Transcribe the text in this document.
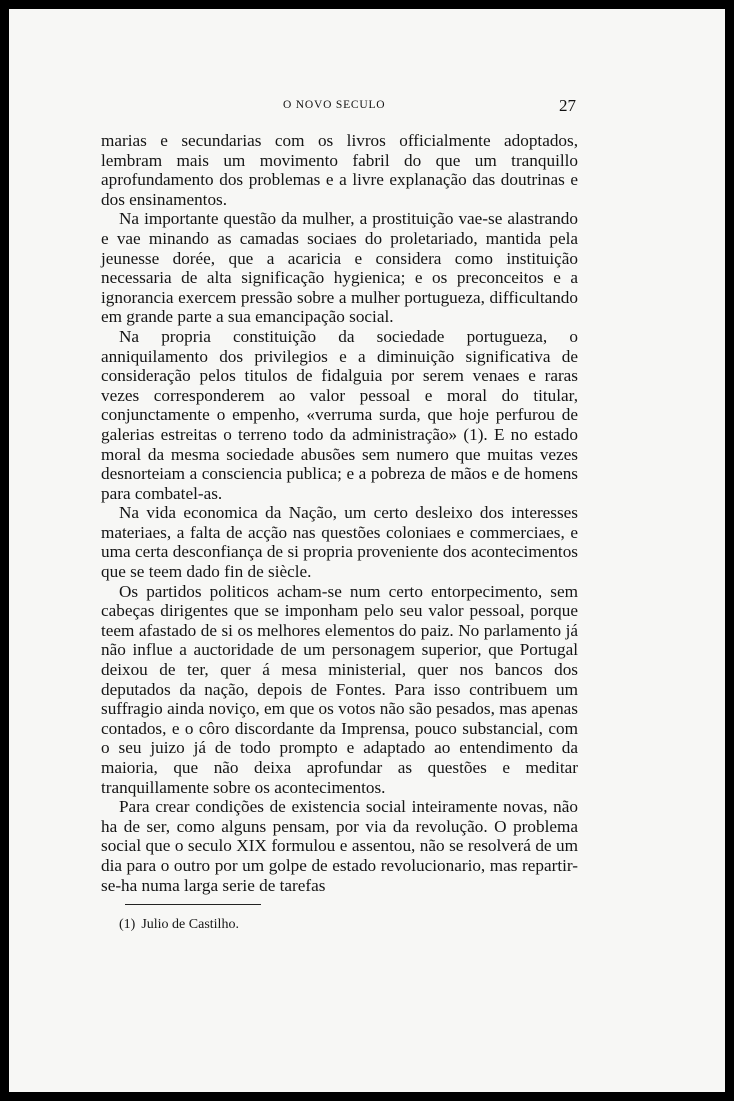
O NOVO SECULO	27

marias e secundarias com os livros officialmente adoptados, lembram mais um movimento fabril do que um tranquillo aprofundamento dos problemas e a livre explanação das doutrinas e dos ensinamentos.

Na importante questão da mulher, a prostituição vae-se alastrando e vae minando as camadas sociaes do proletariado, mantida pela jeunesse dorée, que a acaricia e considera como instituição necessaria de alta significação hygienica; e os preconceitos e a ignorancia exercem pressão sobre a mulher portugueza, difficultando em grande parte a sua emancipação social.

Na propria constituição da sociedade portugueza, o anniquilamento dos privilegios e a diminuição significativa de consideração pelos titulos de fidalguia por serem venaes e raras vezes corresponderem ao valor pessoal e moral do titular, conjunctamente o empenho, «verruma surda, que hoje perfurou de galerias estreitas o terreno todo da administração» (1). E no estado moral da mesma sociedade abusões sem numero que muitas vezes desnorteiam a consciencia publica; e a pobreza de mãos e de homens para combatel-as.

Na vida economica da Nação, um certo desleixo dos interesses materiaes, a falta de acção nas questões coloniaes e commerciaes, e uma certa desconfiança de si propria proveniente dos acontecimentos que se teem dado fin de siècle.

Os partidos politicos acham-se num certo entorpecimento, sem cabeças dirigentes que se imponham pelo seu valor pessoal, porque teem afastado de si os melhores elementos do paiz. No parlamento já não influe a auctoridade de um personagem superior, que Portugal deixou de ter, quer á mesa ministerial, quer nos bancos dos deputados da nação, depois de Fontes. Para isso contribuem um suffragio ainda noviço, em que os votos não são pesados, mas apenas contados, e o côro discordante da Imprensa, pouco substancial, com o seu juizo já de todo prompto e adaptado ao entendimento da maioria, que não deixa aprofundar as questões e meditar tranquillamente sobre os acontecimentos.

Para crear condições de existencia social inteiramente novas, não ha de ser, como alguns pensam, por via da revolução. O problema social que o seculo XIX formulou e assentou, não se resolverá de um dia para o outro por um golpe de estado revolucionario, mas repartir-se-ha numa larga serie de tarefas

(1) Julio de Castilho.
